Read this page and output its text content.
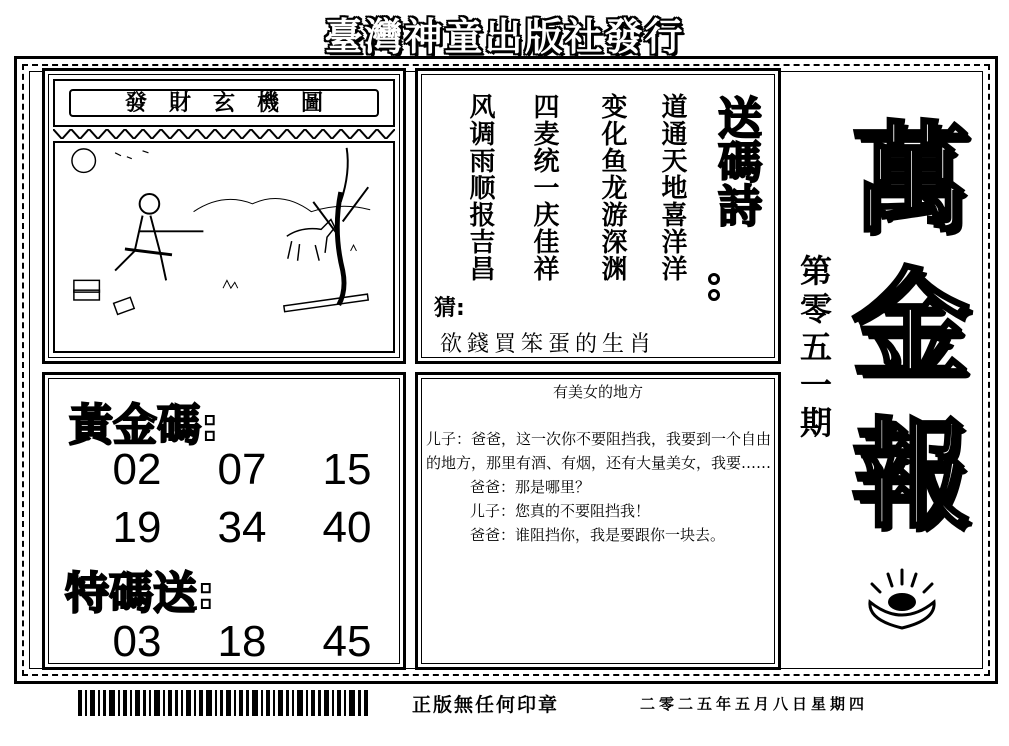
臺灣神童出版社發行
發財玄機圖	道通天地喜洋洋
变化鱼龙游深渊
四麦统一庆佳祥
风调雨顺报吉昌	送碼詩
猜:
欲錢買笨蛋的生肖
萬
金
報
第零五一期
黃金碼:
02	07	15
19	34	40
特碼送:
03	18	45
有美女的地方

儿子：爸爸，这一次你不要阻挡我，我要到一个自由的地方，那里有酒、有烟，还有大量美女，我要……

爸爸：那是哪里？

儿子：您真的不要阻挡我！

爸爸：谁阻挡你，我是要跟你一块去。

正版無任何印章	二零二五年五月八日星期四
